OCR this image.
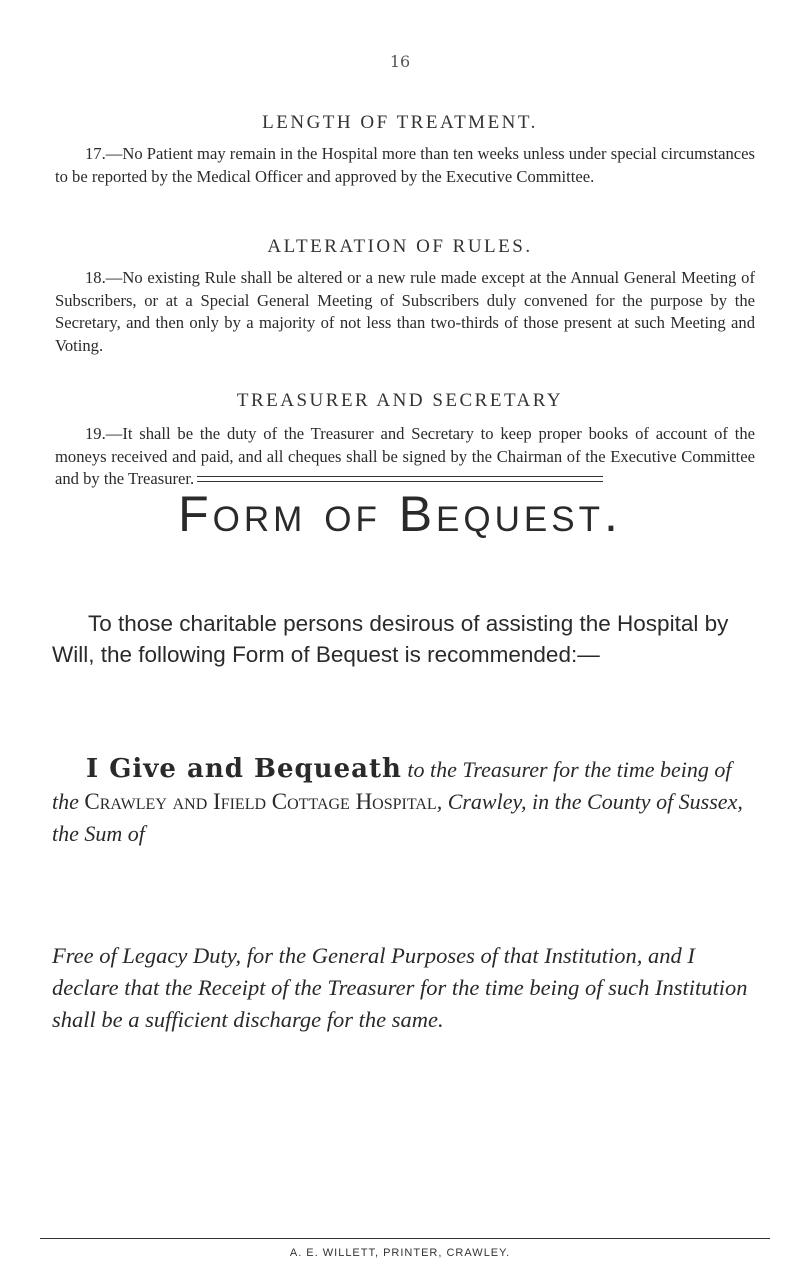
16
LENGTH OF TREATMENT.
17.—No Patient may remain in the Hospital more than ten weeks unless under special circumstances to be reported by the Medical Officer and approved by the Executive Committee.
ALTERATION OF RULES.
18.—No existing Rule shall be altered or a new rule made except at the Annual General Meeting of Subscribers, or at a Special General Meeting of Subscribers duly convened for the purpose by the Secretary, and then only by a majority of not less than two-thirds of those present at such Meeting and Voting.
TREASURER AND SECRETARY
19.—It shall be the duty of the Treasurer and Secretary to keep proper books of account of the moneys received and paid, and all cheques shall be signed by the Chairman of the Executive Committee and by the Treasurer.
Form of Bequest.
To those charitable persons desirous of assisting the Hospital by Will, the following Form of Bequest is recommended:—
I Give and Bequeath to the Treasurer for the time being of the Crawley and Ifield Cottage Hospital, Crawley, in the County of Sussex, the Sum of
Free of Legacy Duty, for the General Purposes of that Institution, and I declare that the Receipt of the Treasurer for the time being of such Institution shall be a sufficient discharge for the same.
A. E. WILLETT, PRINTER, CRAWLEY.
